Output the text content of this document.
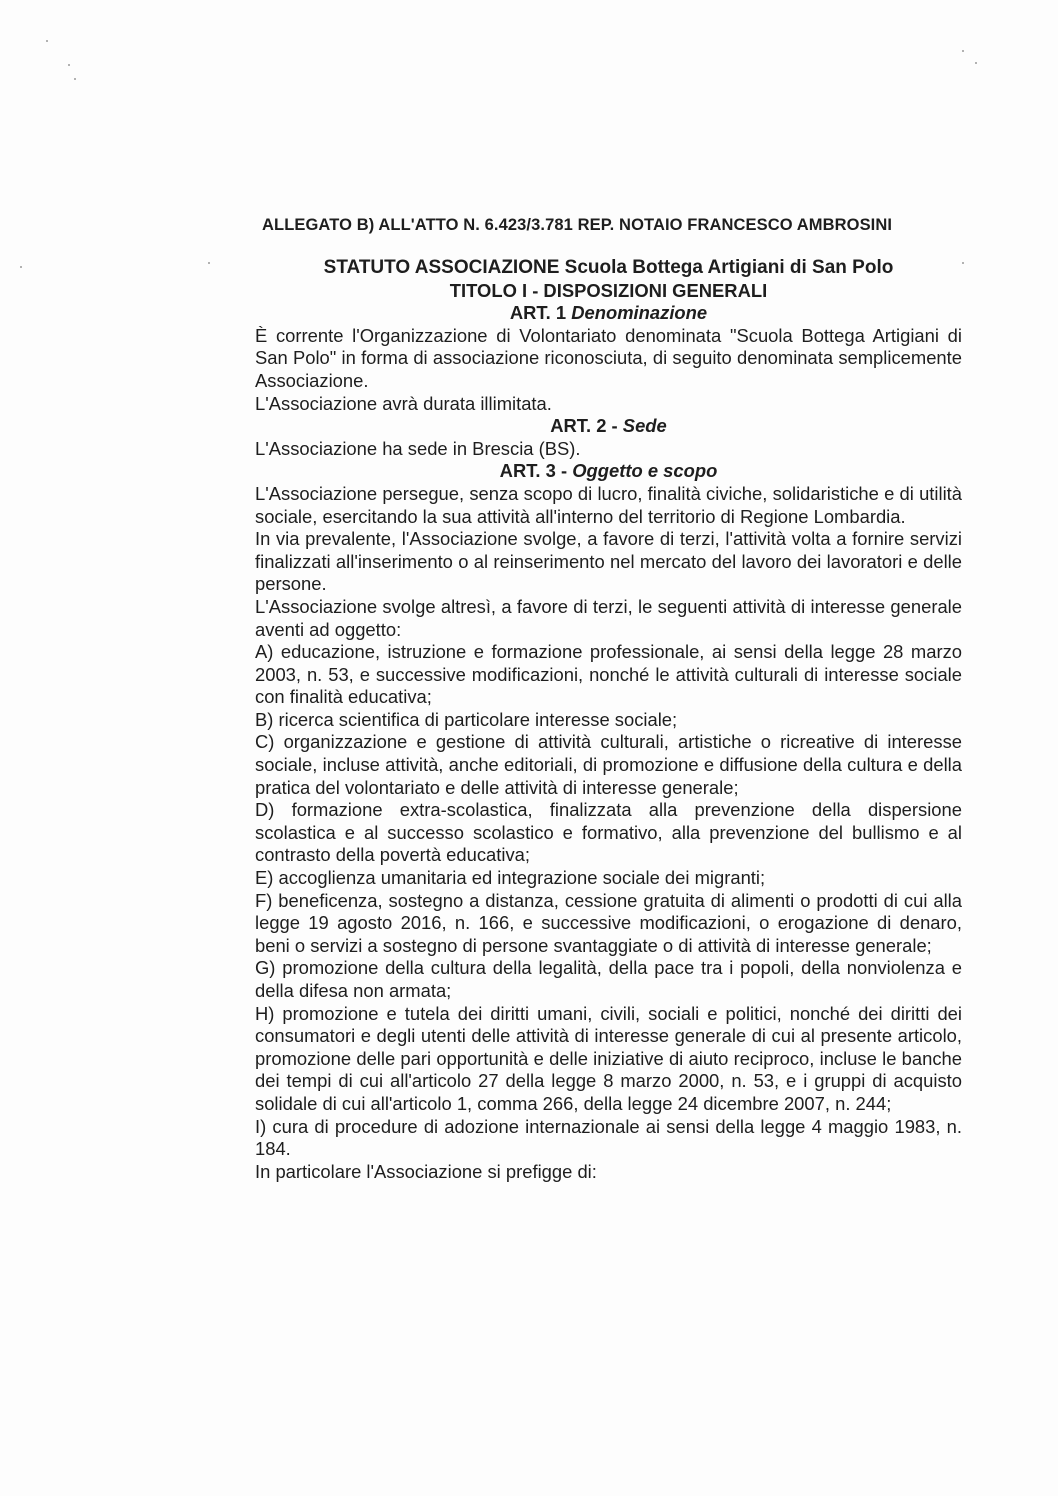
ALLEGATO B) ALL'ATTO N. 6.423/3.781 REP. NOTAIO FRANCESCO AMBROSINI
STATUTO ASSOCIAZIONE Scuola Bottega Artigiani di San Polo
TITOLO I - DISPOSIZIONI GENERALI
ART. 1 Denominazione

È corrente l'Organizzazione di Volontariato denominata "Scuola Bottega Artigiani di San Polo" in forma di associazione riconosciuta, di seguito denominata semplicemente Associazione.

L'Associazione avrà durata illimitata.

ART. 2 - Sede

L'Associazione ha sede in Brescia (BS).

ART. 3 - Oggetto e scopo

L'Associazione persegue, senza scopo di lucro, finalità civiche, solidaristiche e di utilità sociale, esercitando la sua attività all'interno del territorio di Regione Lombardia.

In via prevalente, l'Associazione svolge, a favore di terzi, l'attività volta a fornire servizi finalizzati all'inserimento o al reinserimento nel mercato del lavoro dei lavoratori e delle persone.

L'Associazione svolge altresì, a favore di terzi, le seguenti attività di interesse generale aventi ad oggetto:

A) educazione, istruzione e formazione professionale, ai sensi della legge 28 marzo 2003, n. 53, e successive modificazioni, nonché le attività culturali di interesse sociale con finalità educativa;

B) ricerca scientifica di particolare interesse sociale;

C) organizzazione e gestione di attività culturali, artistiche o ricreative di interesse sociale, incluse attività, anche editoriali, di promozione e diffusione della cultura e della pratica del volontariato e delle attività di interesse generale;

D) formazione extra-scolastica, finalizzata alla prevenzione della dispersione scolastica e al successo scolastico e formativo, alla prevenzione del bullismo e al contrasto della povertà educativa;

E) accoglienza umanitaria ed integrazione sociale dei migranti;

F) beneficenza, sostegno a distanza, cessione gratuita di alimenti o prodotti di cui alla legge 19 agosto 2016, n. 166, e successive modificazioni, o erogazione di denaro, beni o servizi a sostegno di persone svantaggiate o di attività di interesse generale;

G) promozione della cultura della legalità, della pace tra i popoli, della nonviolenza e della difesa non armata;

H) promozione e tutela dei diritti umani, civili, sociali e politici, nonché dei diritti dei consumatori e degli utenti delle attività di interesse generale di cui al presente articolo, promozione delle pari opportunità e delle iniziative di aiuto reciproco, incluse le banche dei tempi di cui all'articolo 27 della legge 8 marzo 2000, n. 53, e i gruppi di acquisto solidale di cui all'articolo 1, comma 266, della legge 24 dicembre 2007, n. 244;

I) cura di procedure di adozione internazionale ai sensi della legge 4 maggio 1983, n. 184.

In particolare l'Associazione si prefigge di:
